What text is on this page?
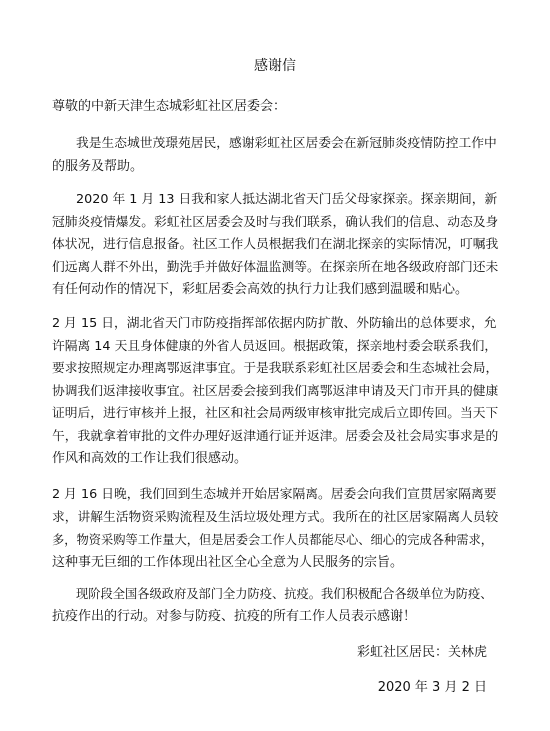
感谢信
尊敬的中新天津生态城彩虹社区居委会：
我是生态城世茂璟苑居民，感谢彩虹社区居委会在新冠肺炎疫情防控工作中
的服务及帮助。
2020 年 1 月 13 日我和家人抵达湖北省天门岳父母家探亲。探亲期间，新
冠肺炎疫情爆发。彩虹社区居委会及时与我们联系，确认我们的信息、动态及身
体状况，进行信息报备。社区工作人员根据我们在湖北探亲的实际情况，叮嘱我
们远离人群不外出，勤洗手并做好体温监测等。在探亲所在地各级政府部门还未
有任何动作的情况下，彩虹居委会高效的执行力让我们感到温暖和贴心。
2 月 15 日，湖北省天门市防疫指挥部依据内防扩散、外防输出的总体要求，允
许隔离 14 天且身体健康的外省人员返回。根据政策，探亲地村委会联系我们，
要求按照规定办理离鄂返津事宜。于是我联系彩虹社区居委会和生态城社会局，
协调我们返津接收事宜。社区居委会接到我们离鄂返津申请及天门市开具的健康
证明后，进行审核并上报，社区和社会局两级审核审批完成后立即传回。当天下
午，我就拿着审批的文件办理好返津通行证并返津。居委会及社会局实事求是的
作风和高效的工作让我们很感动。
2 月 16 日晚，我们回到生态城并开始居家隔离。居委会向我们宣贯居家隔离要
求，讲解生活物资采购流程及生活垃圾处理方式。我所在的社区居家隔离人员较
多，物资采购等工作量大，但是居委会工作人员都能尽心、细心的完成各种需求，
这种事无巨细的工作体现出社区全心全意为人民服务的宗旨。
现阶段全国各级政府及部门全力防疫、抗疫。我们积极配合各级单位为防疫、
抗疫作出的行动。对参与防疫、抗疫的所有工作人员表示感谢！
彩虹社区居民：关林虎
2020 年 3 月 2 日
